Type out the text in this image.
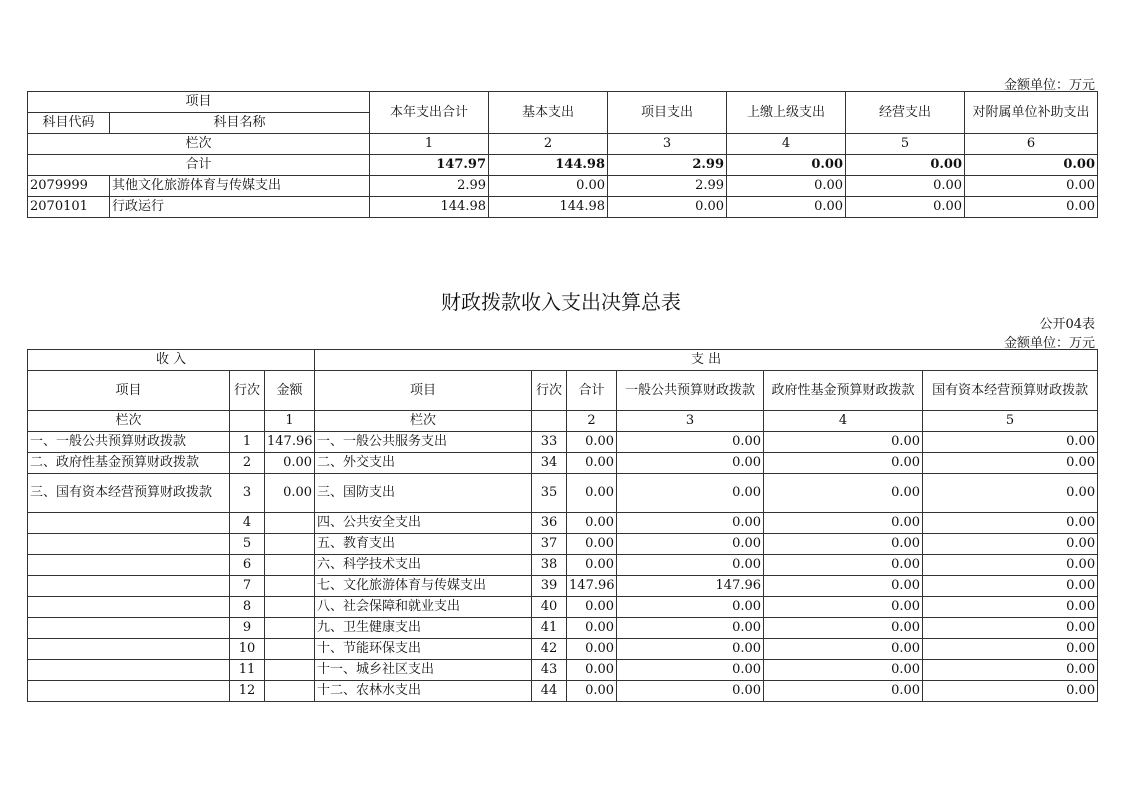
金额单位：万元
项目		本年支出合计	基本支出	项目支出	上缴上级支出	经营支出	对附属单位补助支出
科目代码	科目名称						
栏次		1	2	3	4	5	6
合计		147.97	144.98	2.99	0.00	0.00	0.00
2079999	其他文化旅游体育与传媒支出	2.99	0.00	2.99	0.00	0.00	0.00
2070101	行政运行	144.98	144.98	0.00	0.00	0.00	0.00
财政拨款收入支出决算总表
公开04表
金额单位：万元
收 入			支 出					
项目	行次	金额	项目	行次	合计	一般公共预算财政拨款	政府性基金预算财政拨款	国有资本经营预算财政拨款
栏次		1	栏次		2	3	4	5
一、一般公共预算财政拨款	1	147.96	一、一般公共服务支出	33	0.00	0.00	0.00	0.00
二、政府性基金预算财政拨款	2	0.00	二、外交支出	34	0.00	0.00	0.00	0.00
三、国有资本经营预算财政拨款	3	0.00	三、国防支出	35	0.00	0.00	0.00	0.00
	4		四、公共安全支出	36	0.00	0.00	0.00	0.00
	5		五、教育支出	37	0.00	0.00	0.00	0.00
	6		六、科学技术支出	38	0.00	0.00	0.00	0.00
	7		七、文化旅游体育与传媒支出	39	147.96	147.96	0.00	0.00
	8		八、社会保障和就业支出	40	0.00	0.00	0.00	0.00
	9		九、卫生健康支出	41	0.00	0.00	0.00	0.00
	10		十、节能环保支出	42	0.00	0.00	0.00	0.00
	11		十一、城乡社区支出	43	0.00	0.00	0.00	0.00
	12		十二、农林水支出	44	0.00	0.00	0.00	0.00
